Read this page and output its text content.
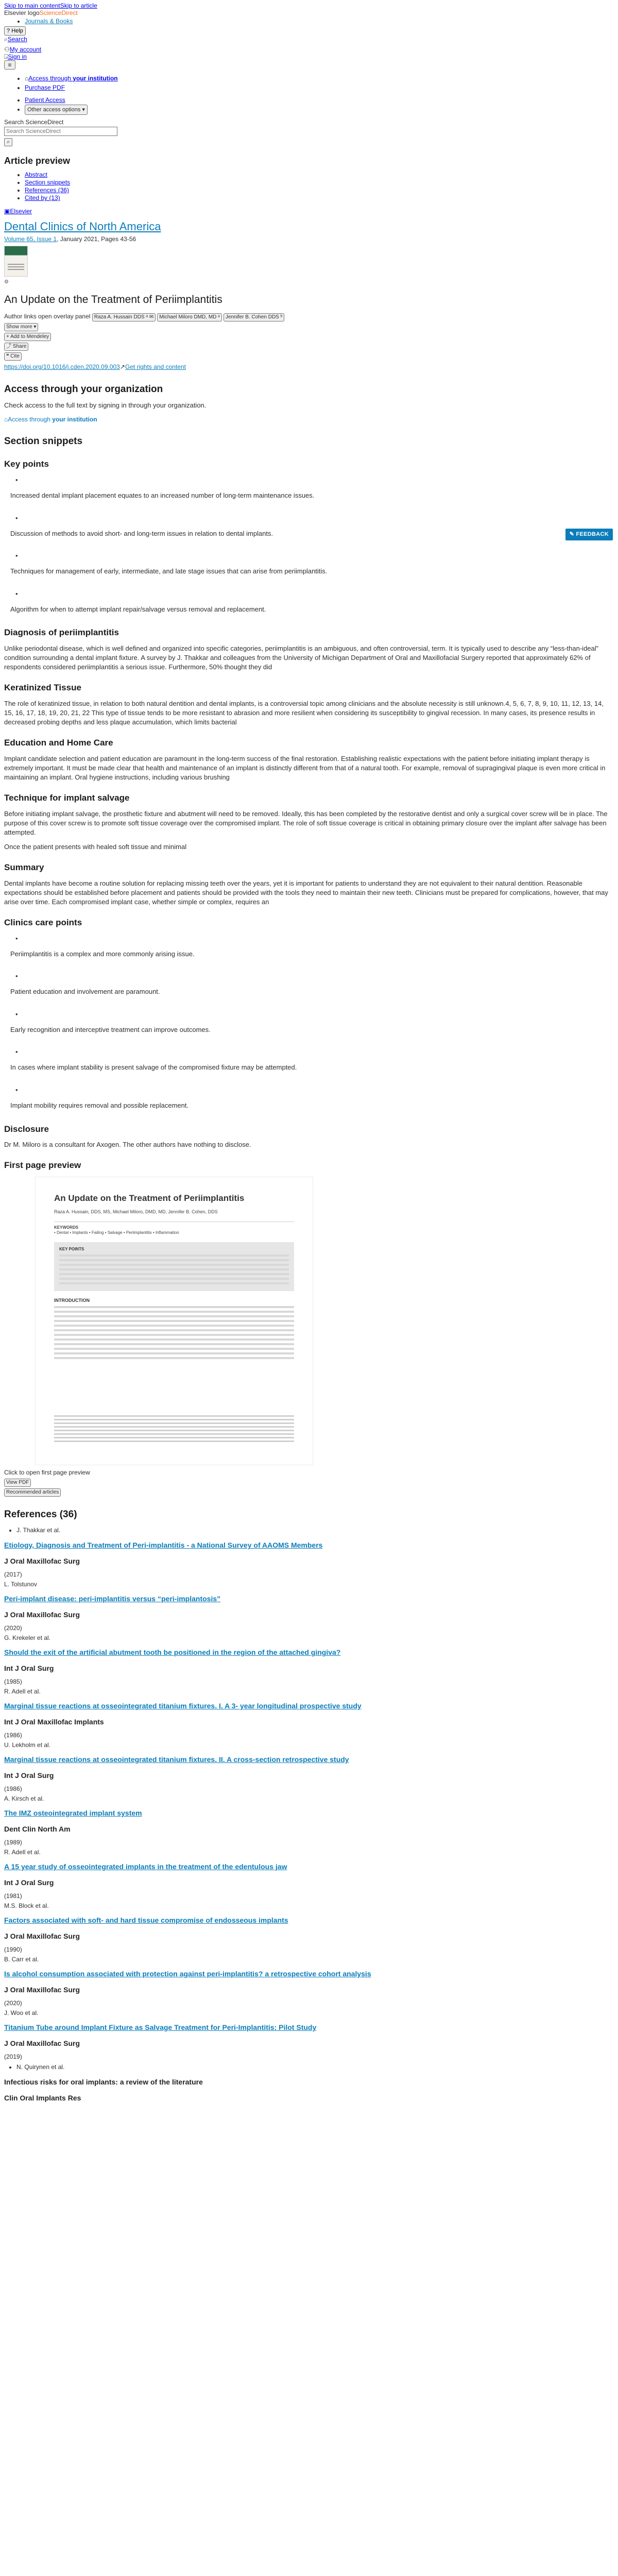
Skip to main contentSkip to article
Elsevier logoScienceDirect
• Journals & Books
? Help
⌕Search
⚇My account
⍈Sign in
≡
• ⌂Access through your institution
• Purchase PDF
• Patient Access
• Other access options ▾
Search ScienceDirect
Search ScienceDirect
⌕
Article preview
• Abstract
• Section snippets
• References (36)
• Cited by (13)
▣Elsevier
Dental Clinics of North America
Volume 65, Issue 1, January 2021, Pages 43-56
⚙
✎ FEEDBACK
An Update on the Treatment of Periimplantitis
Author links open overlay panel Raza A. Hussain DDS ᵃ ✉ Michael Miloro DMD, MD ᵃ Jennifer B. Cohen DDS ᵇ
Show more ▾
+ Add to Mendeley
⤴ Share
❝ Cite
https://doi.org/10.1016/j.cden.2020.09.003↗Get rights and content
Access through your organization

Check access to the full text by signing in through your organization.

⌂Access through your institution
Section snippets
Key points
•
Increased dental implant placement equates to an increased number of long-term maintenance issues.
•
Discussion of methods to avoid short- and long-term issues in relation to dental implants.
•
Techniques for management of early, intermediate, and late stage issues that can arise from periimplantitis.
•
Algorithm for when to attempt implant repair/salvage versus removal and replacement.
Diagnosis of periimplantitis

Unlike periodontal disease, which is well defined and organized into specific categories, periimplantitis is an ambiguous, and often controversial, term. It is typically used to describe any “less-than-ideal” condition surrounding a dental implant fixture. A survey by J. Thakkar and colleagues from the University of Michigan Department of Oral and Maxillofacial Surgery reported that approximately 62% of respondents considered periimplantitis a serious issue. Furthermore, 50% thought they did

Keratinized Tissue

The role of keratinized tissue, in relation to both natural dentition and dental implants, is a controversial topic among clinicians and the absolute necessity is still unknown.4, 5, 6, 7, 8, 9, 10, 11, 12, 13, 14, 15, 16, 17, 18, 19, 20, 21, 22 This type of tissue tends to be more resistant to abrasion and more resilient when considering its susceptibility to gingival recession. In many cases, its presence results in decreased probing depths and less plaque accumulation, which limits bacterial

Education and Home Care

Implant candidate selection and patient education are paramount in the long-term success of the final restoration. Establishing realistic expectations with the patient before initiating implant therapy is extremely important. It must be made clear that health and maintenance of an implant is distinctly different from that of a natural tooth. For example, removal of supragingival plaque is even more critical in maintaining an implant. Oral hygiene instructions, including various brushing

Technique for implant salvage

Before initiating implant salvage, the prosthetic fixture and abutment will need to be removed. Ideally, this has been completed by the restorative dentist and only a surgical cover screw will be in place. The purpose of this cover screw is to promote soft tissue coverage over the compromised implant. The role of soft tissue coverage is critical in obtaining primary closure over the implant after salvage has been attempted.

Once the patient presents with healed soft tissue and minimal

Summary

Dental implants have become a routine solution for replacing missing teeth over the years, yet it is important for patients to understand they are not equivalent to their natural dentition. Reasonable expectations should be established before placement and patients should be provided with the tools they need to maintain their new teeth. Clinicians must be prepared for complications, however, that may arise over time. Each compromised implant case, whether simple or complex, requires an

Clinics care points
•
Periimplantitis is a complex and more commonly arising issue.
•
Patient education and involvement are paramount.
•
Early recognition and interceptive treatment can improve outcomes.
•
In cases where implant stability is present salvage of the compromised fixture may be attempted.
•
Implant mobility requires removal and possible replacement.
Disclosure

Dr M. Miloro is a consultant for Axogen. The other authors have nothing to disclose.

First page preview
An Update on the Treatment of Periimplantitis
Raza A. Hussain, DDS, MS, Michael Miloro, DMD, MD, Jennifer B. Cohen, DDS
KEYWORDS
• Dental • Implants • Failing • Salvage • Periimplantitis • Inflammation
KEY POINTS
INTRODUCTION
Click to open first page preview
View PDF
Recommended articles
References (36)
• J. Thakkar et al.
Etiology, Diagnosis and Treatment of Peri-implantitis - a National Survey of AAOMS Members
J Oral Maxillofac Surg
(2017)
L. Tolstunov
Peri-implant disease: peri-implantitis versus “peri-implantosis”
J Oral Maxillofac Surg
(2020)
G. Krekeler et al.
Should the exit of the artificial abutment tooth be positioned in the region of the attached gingiva?
Int J Oral Surg
(1985)
R. Adell et al.
Marginal tissue reactions at osseointegrated titanium fixtures. I. A 3- year longitudinal prospective study
Int J Oral Maxillofac Implants
(1986)
U. Lekholm et al.
Marginal tissue reactions at osseointegrated titanium fixtures. II. A cross-section retrospective study
Int J Oral Surg
(1986)
A. Kirsch et al.
The IMZ osteointegrated implant system
Dent Clin North Am
(1989)
R. Adell et al.
A 15 year study of osseointegrated implants in the treatment of the edentulous jaw
Int J Oral Surg
(1981)
M.S. Block et al.
Factors associated with soft- and hard tissue compromise of endosseous implants
J Oral Maxillofac Surg
(1990)
B. Carr et al.
Is alcohol consumption associated with protection against peri-implantitis? a retrospective cohort analysis
J Oral Maxillofac Surg
(2020)
J. Woo et al.
Titanium Tube around Implant Fixture as Salvage Treatment for Peri-Implantitis: Pilot Study
J Oral Maxillofac Surg
(2019)
• N. Quirynen et al.
Infectious risks for oral implants: a review of the literature
Clin Oral Implants Res
